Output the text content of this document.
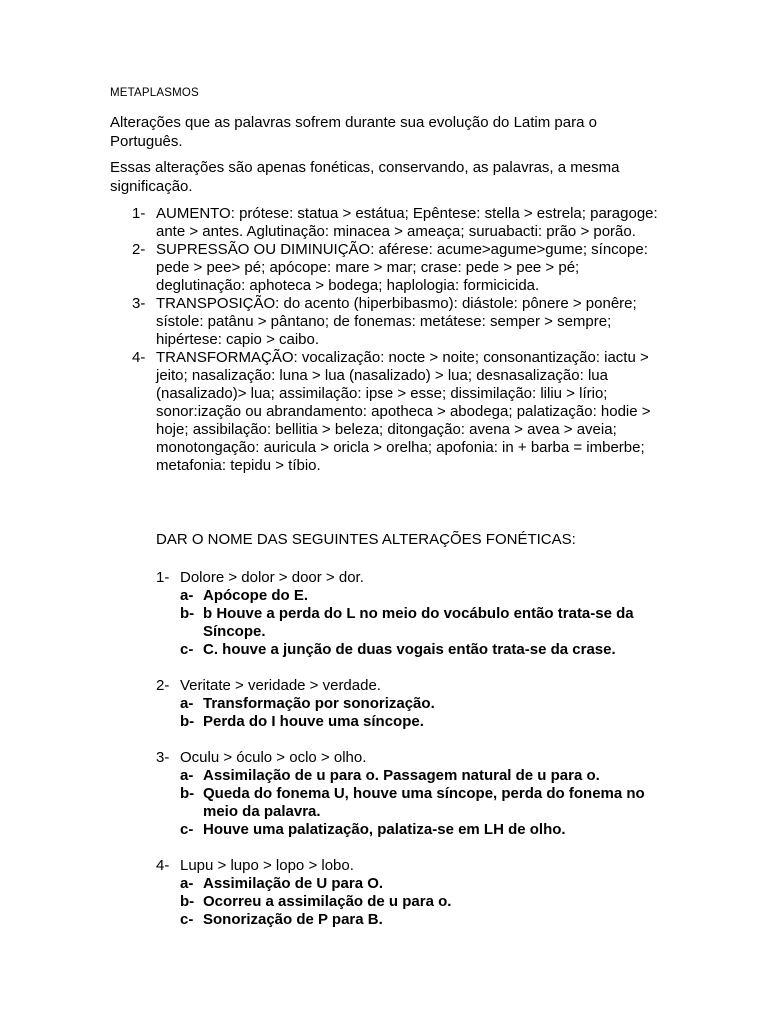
METAPLASMOS
Alterações que as palavras sofrem durante sua evolução do Latim para o Português.
Essas alterações são apenas fonéticas, conservando, as palavras, a mesma significação.
1- AUMENTO: prótese: statua > estátua; Epêntese: stella > estrela; paragoge: ante > antes. Aglutinação: minacea > ameaça; suruabacti: prão > porão.
2- SUPRESSÃO OU DIMINUIÇÃO: aférese: acume>agume>gume; síncope: pede > pee> pé; apócope: mare > mar; crase: pede > pee > pé; deglutinação: aphoteca > bodega; haplologia: formicicida.
3- TRANSPOSIÇÃO: do acento (hiperbibasmo): diástole: pônere > ponêre; sístole: patânu > pântano; de fonemas: metátese: semper > sempre; hipértese: capio > caibo.
4- TRANSFORMAÇÃO: vocalização: nocte > noite; consonantização: iactu > jeito; nasalização: luna > lua (nasalizado) > lua; desnasalização: lua (nasalizado)> lua; assimilação: ipse > esse; dissimilação: liliu > lírio; sonor:ização ou abrandamento: apotheca > abodega; palatização: hodie > hoje; assibilação: bellitia > beleza; ditongação: avena > avea > aveia; monotongação: auricula > oricla > orelha; apofonia: in + barba = imberbe; metafonia: tepidu > tíbio.
DAR O NOME DAS SEGUINTES ALTERAÇÕES FONÉTICAS:
1- Dolore > dolor > door > dor.
a- Apócope do E.
b- b Houve a perda do L no meio do vocábulo então trata-se da Síncope.
c- C. houve a junção de duas vogais então trata-se da crase.
2- Veritate > veridade > verdade.
a- Transformação por sonorização.
b- Perda do I houve uma síncope.
3- Oculu > óculo > oclo > olho.
a- Assimilação de u para o. Passagem natural de u para o.
b- Queda do fonema U, houve uma síncope, perda do fonema no meio da palavra.
c- Houve uma palatização, palatiza-se em LH de olho.
4- Lupu > lupo > lopo > lobo.
a- Assimilação de U para O.
b- Ocorreu a assimilação de u para o.
c- Sonorização de P para B.
